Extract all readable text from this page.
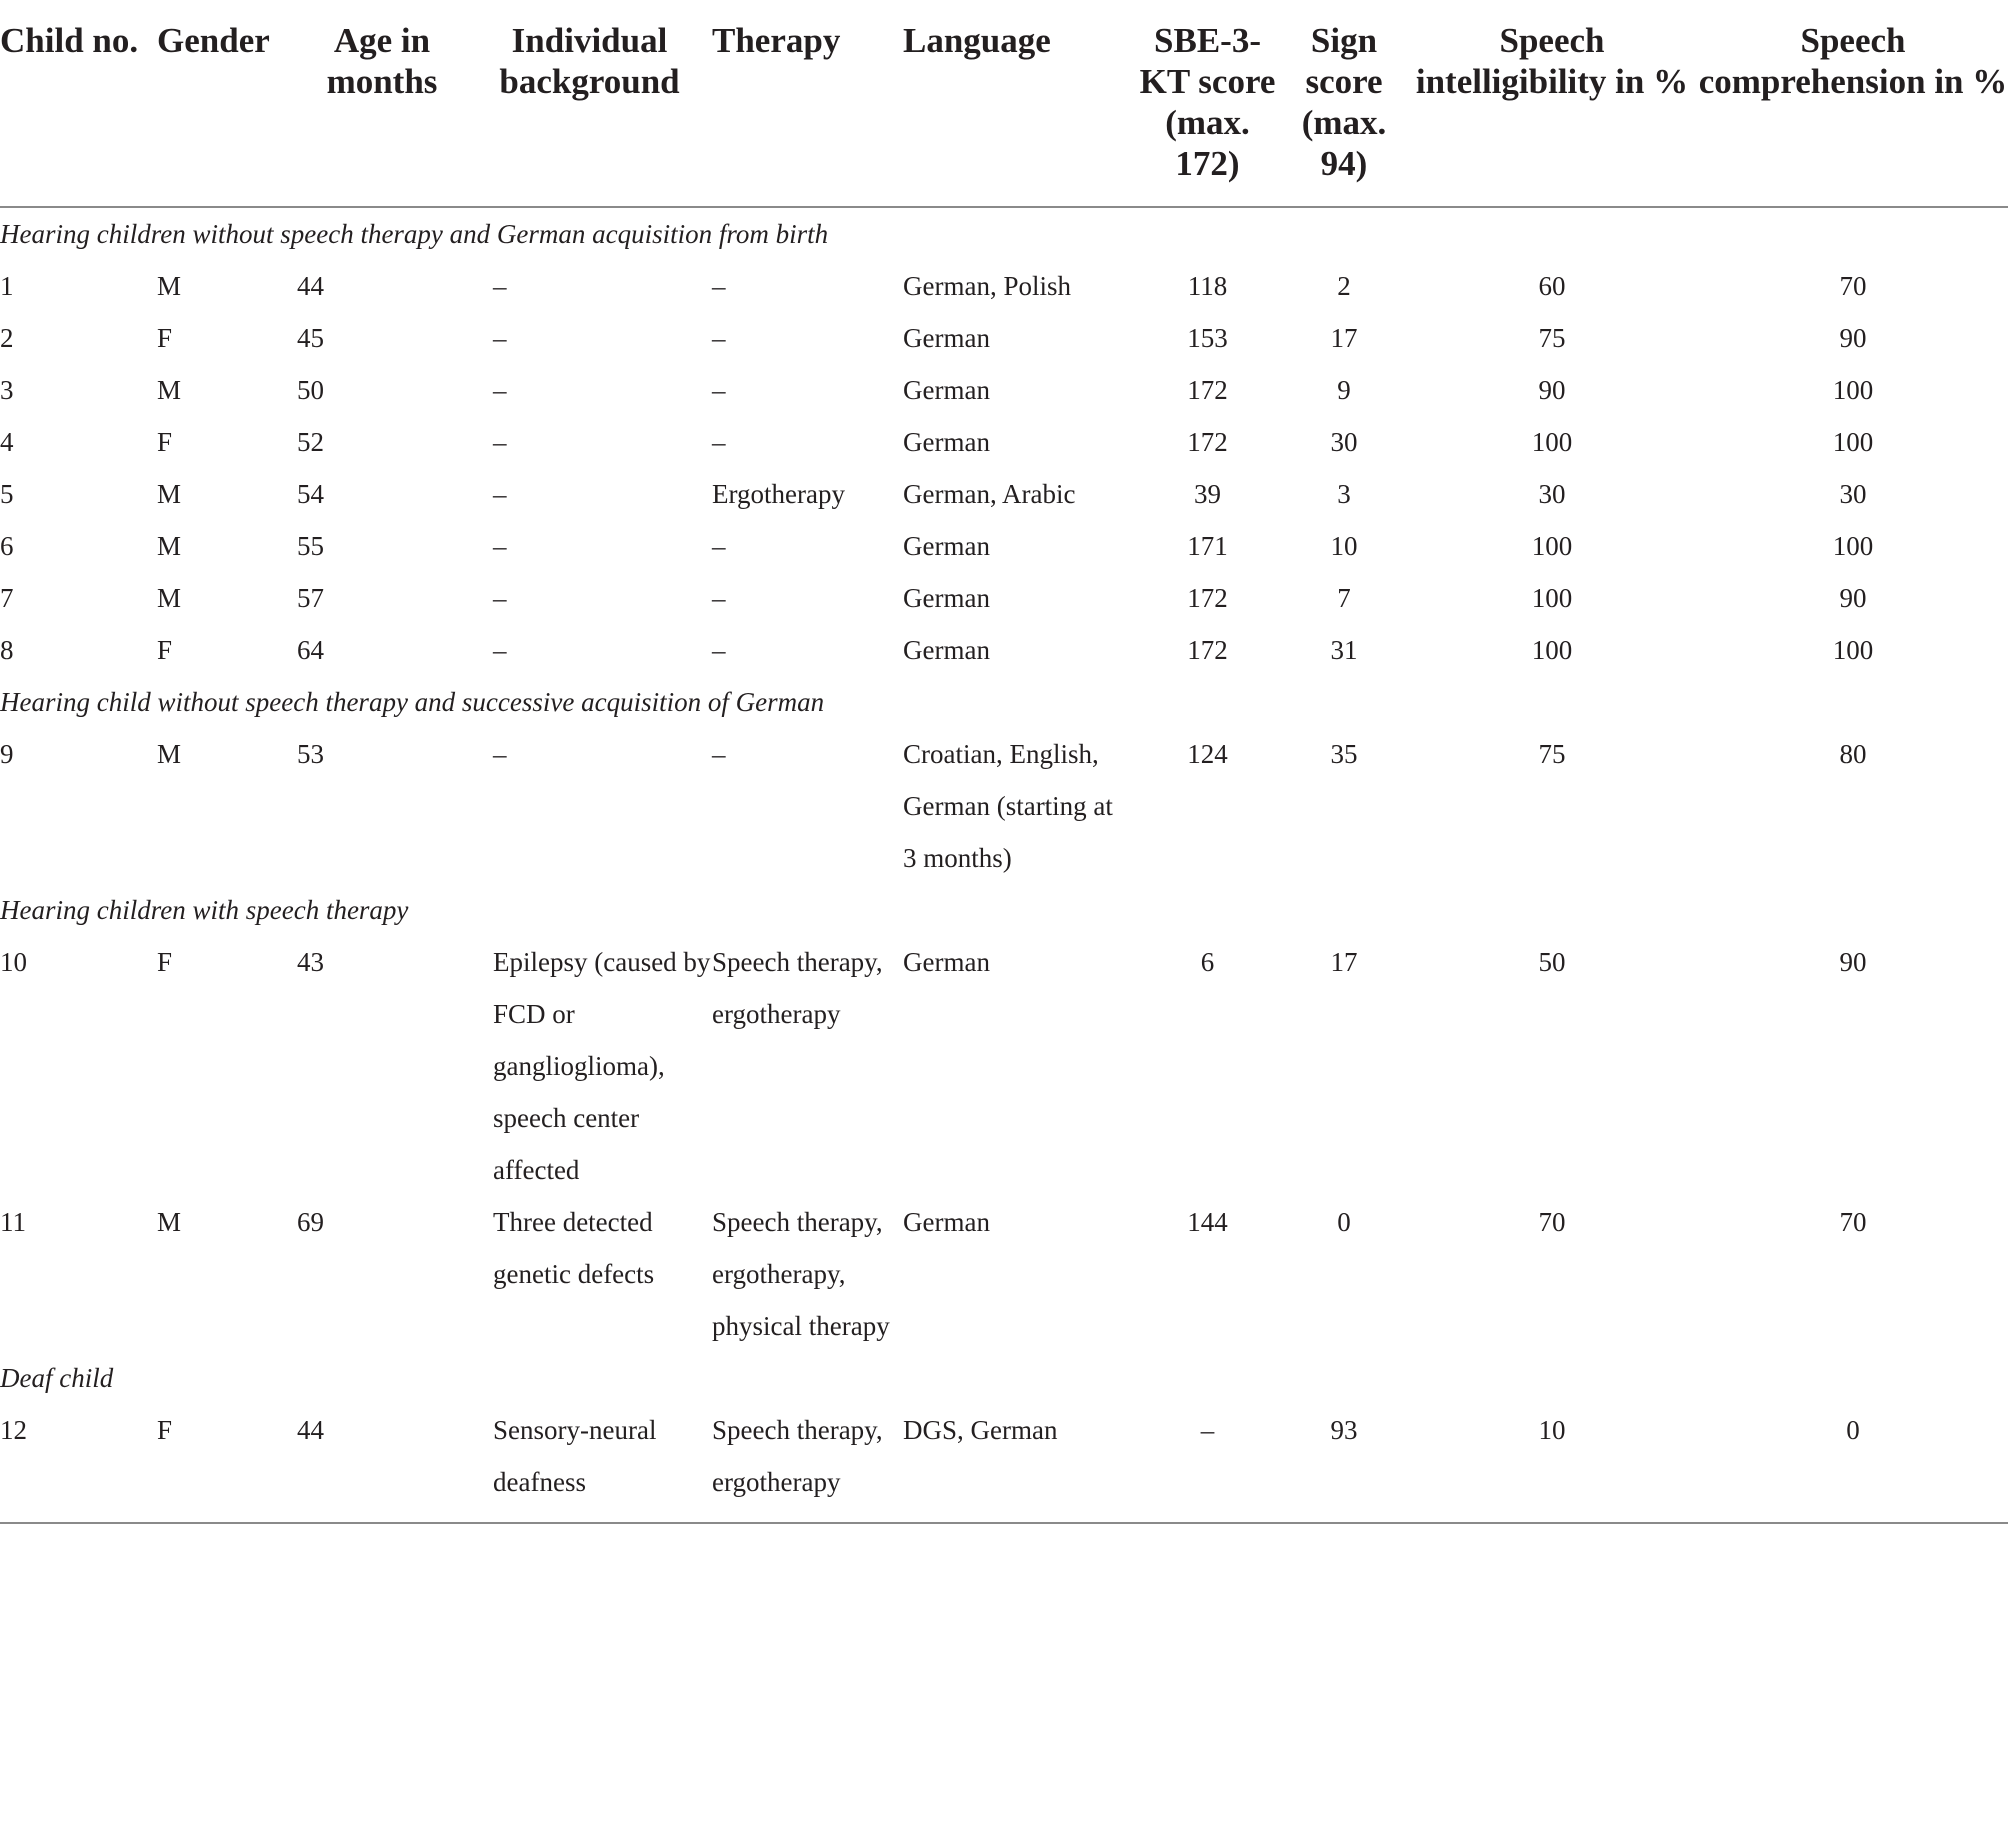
Child no.	Gender	Age in months	Individual background	Therapy	Language	SBE-3-KT score (max. 172)	Sign score (max. 94)	Speech intelligibility in %	Speech comprehension in %
Hearing children without speech therapy and German acquisition from birth									
1	M	44	–	–	German, Polish	118	2	60	70
2	F	45	–	–	German	153	17	75	90
3	M	50	–	–	German	172	9	90	100
4	F	52	–	–	German	172	30	100	100
5	M	54	–	Ergotherapy	German, Arabic	39	3	30	30
6	M	55	–	–	German	171	10	100	100
7	M	57	–	–	German	172	7	100	90
8	F	64	–	–	German	172	31	100	100
Hearing child without speech therapy and successive acquisition of German									
9	M	53	–	–	Croatian, English, German (starting at 3 months)	124	35	75	80
Hearing children with speech therapy									
10	F	43	Epilepsy (caused by FCD or ganglioglioma), speech center affected	Speech therapy, ergotherapy	German	6	17	50	90
11	M	69	Three detected genetic defects	Speech therapy, ergotherapy, physical therapy	German	144	0	70	70
Deaf child									
12	F	44	Sensory-neural deafness	Speech therapy, ergotherapy	DGS, German	–	93	10	0
